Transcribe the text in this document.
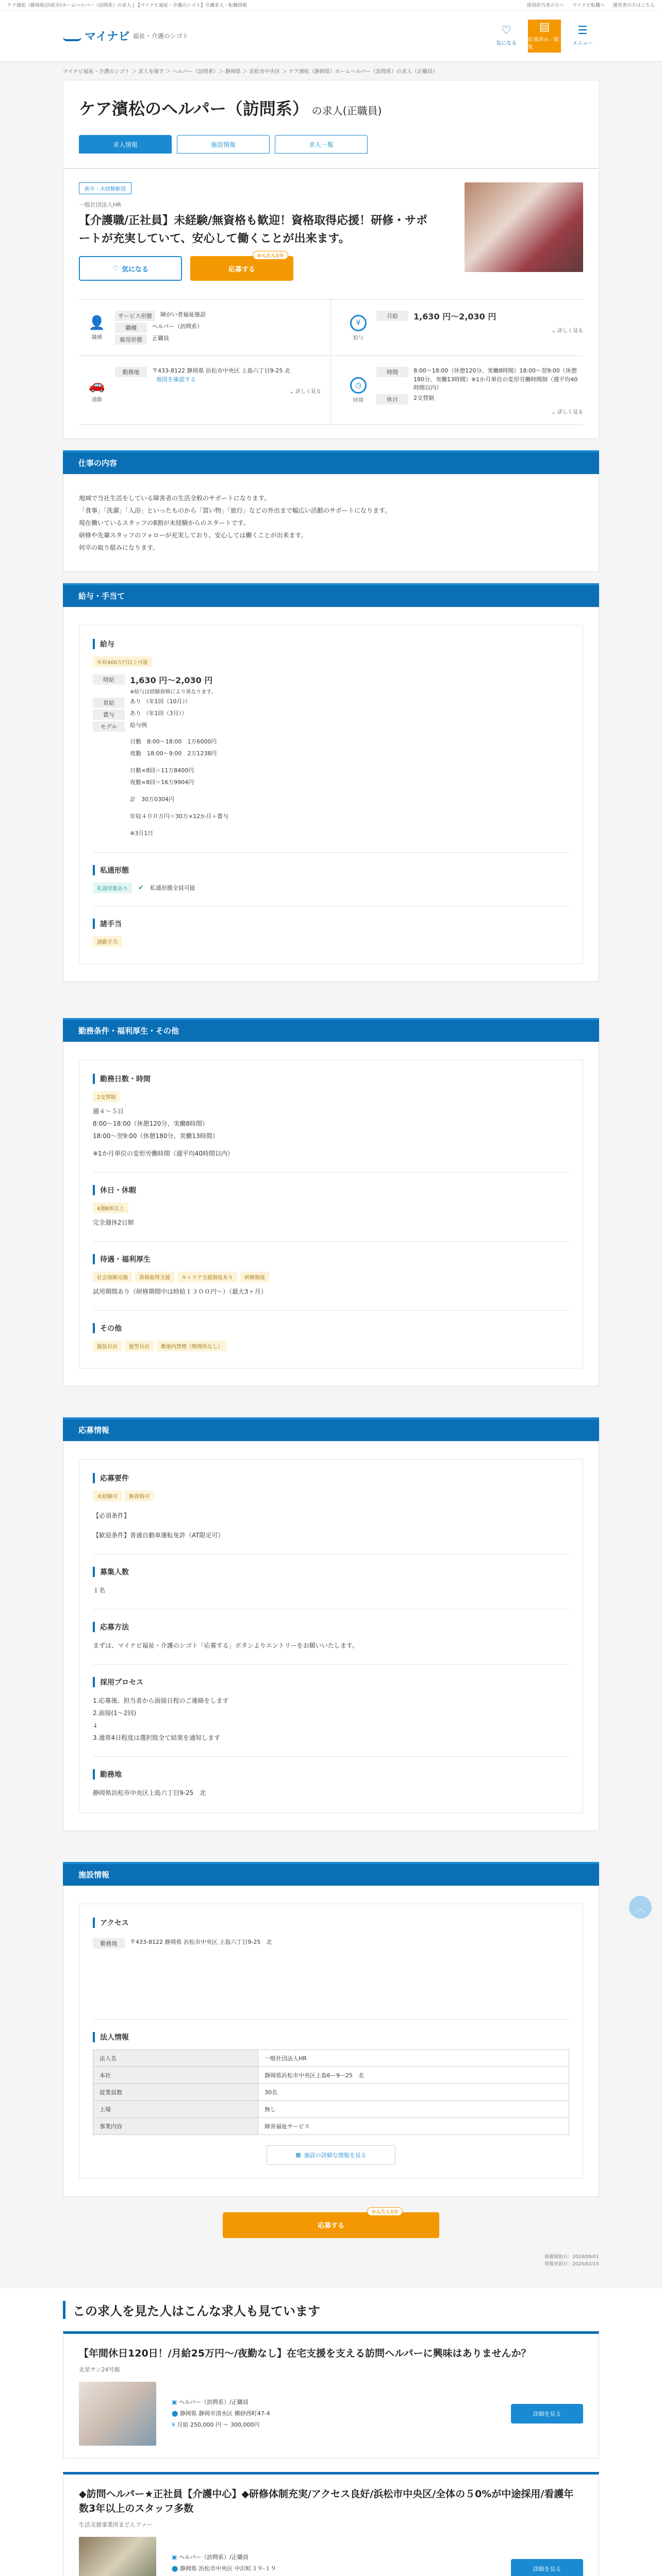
ケア濱松（静岡県(浜松市)ホームヘルパー（訪問系）の求人 | 【マイナビ福祉・介護のシゴト】介護求人・転職情報	採用担当者の方へ マイナビ転職へ 運営者の方はこちら
マイナビ 福祉・介護のシゴト	♡
気になる
▤
応募済み／閲覧
☰
メニュー
マイナビ福祉・介護のシゴト ＞ 求人を探す ＞ ヘルパー（訪問系）＞ 静岡県 ＞ 浜松市中央区 ＞ ケア濱松（静岡県）ホームヘルパー（訪問系）の求人（正職員）
ケア濱松のヘルパー（訪問系） の求人(正職員)
求人情報	施設情報	求人一覧
新卒・未経験歓迎
一般社団法人HR
【介護職/正社員】未経験/無資格も歓迎！資格取得応援！研修・サポートが充実していて、安心して働くことが出来ます。
♡ 気になる
かんたん1分
応募する
👤
職種
サービス形態	障がい者福祉施設
職種	ヘルパー（訪問系）
雇用形態	正職員
¥
給与
月給	1,630 円～2,030 円
⌄ 詳しく見る
🚗
通勤
勤務地	〒433-8122 静岡県 浜松市中央区 上島六丁目9-25 北
地図を確認する
⌄ 詳しく見る
◷
時間
時間	8:00～18:00（休憩120分、実働8時間）18:00～翌9:00（休憩180分、実働13時間）※1か月単位の変形労働時間制（週平均40時間以内）
休日	2交替制
⌄ 詳しく見る
仕事の内容

地域で当社生活をしている障害者の生活全般のサポートになります。

「食事」「洗濯」「入浴」といったものから「買い物」「旅行」などの外出まで幅広い活動のサポートになります。

現在働いているスタッフの8割が未経験からのスタートです。

研修や先輩スタッフのフォローが充実しており、安心しては働くことが出来ます。

何卒の取り組みになります。

給与・手当て
給与
年収400万円以上可能
時給	1,630 円～2,030 円
※給与は経験資格により異なります。
昇給	あり （年1回（10月））
賞与	あり （年1回（3月））
モデル	給与例
日勤　8:00～18:00　1万6000円
夜勤　18:00～9:00　2万1238円
日勤×8回＝11万8400円
夜勤×8回＝16万9904円
計　30万0304円
年収４００万円＝30万×12か月＋賞与
※3月1日
私通形態
私通形態あり	✔ 私通形態全員可能
諸手当
通勤手当
勤務条件・福利厚生・その他
勤務日数・時間
2交替制
週４～５日
8:00～18:00（休憩120分、実働8時間）
18:00～翌9:00（休憩180分、実働13時間）
※1か月単位の変形労働時間（週平均40時間以内）
休日・休暇
4週8休以上
完全週休2日制
待遇・福利厚生
社会保険完備 資格取得支援 キャリア支援制度あり 研修制度
試用期間あり（研修期間中は時給１３００円～）（最大3ヶ月）
その他
服装自由 髪型自由 敷地内禁煙（喫煙所なし）
応募情報
応募要件
未経験可 無資格可
【必須条件】
【歓迎条件】普通自動車運転免許（AT限定可）
募集人数
１名
応募方法
まずは、マイナビ福祉・介護のシゴト「応募する」ボタンよりエントリーをお願いいたします。
採用プロセス
1.応募後、担当者から面接日程のご連絡をします
2.面接(1～2回)
↓
3.通常4日程度は選択肢全て結果を通知します
勤務地
静岡県浜松市中央区上島六丁目9-25　北
施設情報
アクセス
勤務地	〒433-8122 静岡県 浜松市中央区 上島六丁目9-25　北
法人情報
法人名	一般社団法人HR
本社	静岡県浜松市中央区上島6ー9ー25　北
従業員数	30名
上場	無し
事業内容	障害福祉サービス
▦ 施設の詳細な情報を見る
かんたん1分
応募する
掲載開始日：2024/09/01
情報更新日：2025/02/15
この求人を見た人はこんな求人も見ています
【年間休日120日！/月給25万円～/夜勤なし】在宅支援を支える訪問ヘルパーに興味はありませんか？
北星サン24号館
▣ ヘルパー（訪問系）/正職員
⬤ 静岡県 静岡市清水区 横砂西町47-4
¥ 月給 250,000 円 ～ 300,000円
詳細を見る
◆訪問ヘルパー★正社員【介護中心】◆研修体制充実/アクセス良好/浜松市中央区/全体の５0%が中途採用/看護年数3年以上のスタッフ多数
生活支援事業所まどんファー
▣ ヘルパー（訪問系）/正職員
⬤ 静岡県 浜松市中央区 中沢町３９-１９	詳細を見る
︿
